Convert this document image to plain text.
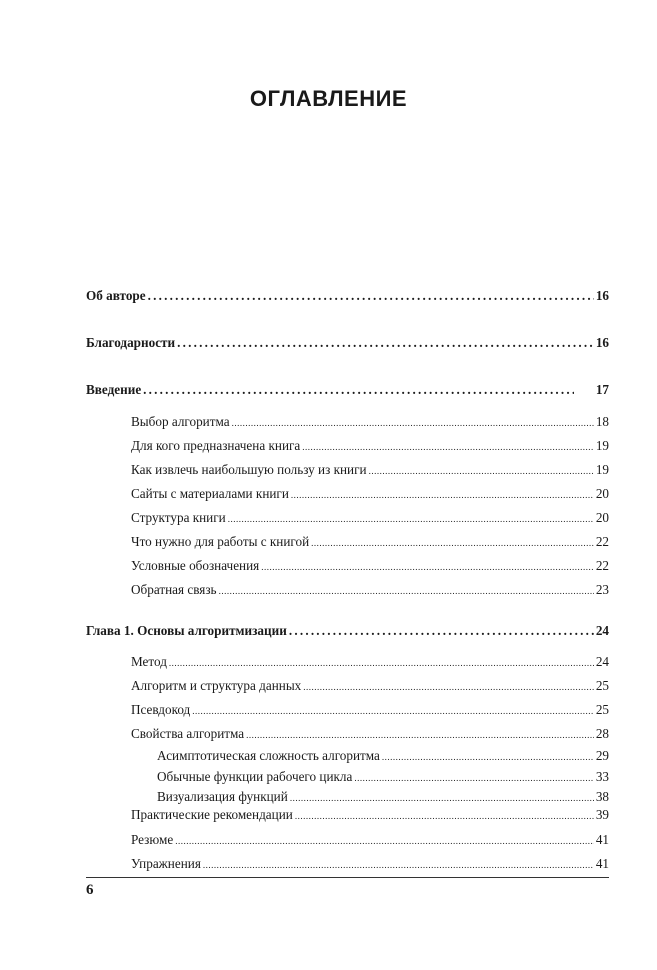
ОГЛАВЛЕНИЕ
Об авторе .....	16
Благодарности .....	16
Введение .....	17
Выбор алгоритма .....	18
Для кого предназначена книга .....	19
Как извлечь наибольшую пользу из книги .....	19
Сайты с материалами книги .....	20
Структура книги .....	20
Что нужно для работы с книгой .....	22
Условные обозначения .....	22
Обратная связь .....	23
Глава 1. Основы алгоритмизации .....	24
Метод .....	24
Алгоритм и структура данных .....	25
Псевдокод .....	25
Свойства алгоритма .....	28
Асимптотическая сложность алгоритма .....	29
Обычные функции рабочего цикла .....	33
Визуализация функций .....	38
Практические рекомендации .....	39
Резюме .....	41
Упражнения .....	41
6
